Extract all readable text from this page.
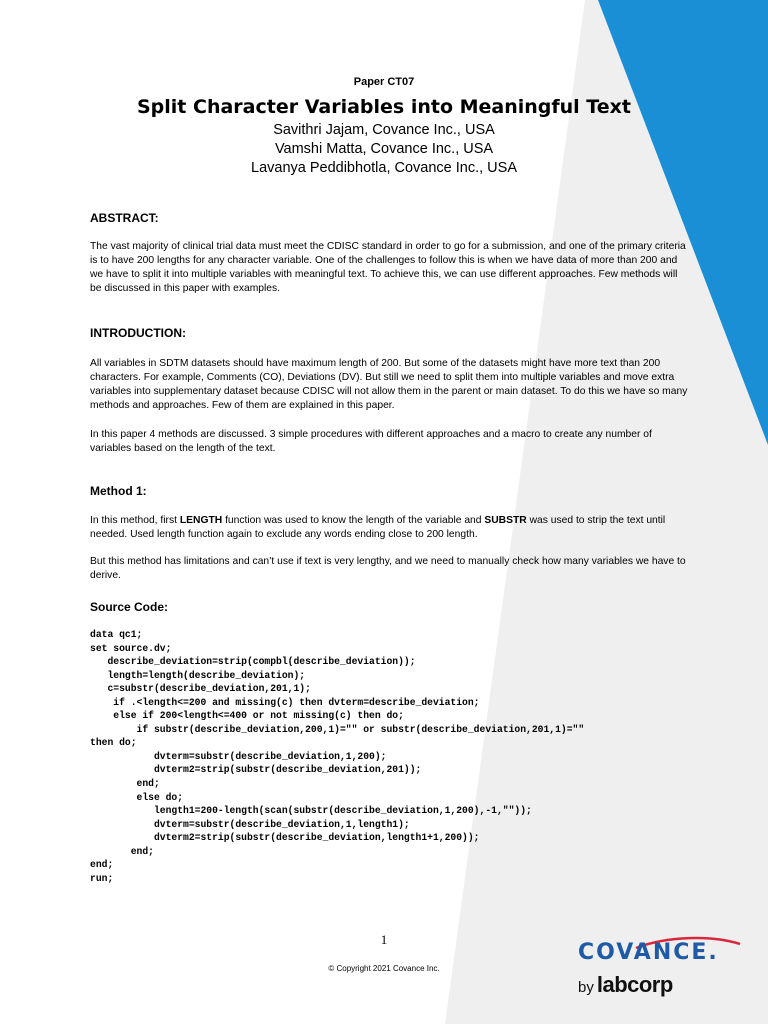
Paper CT07
Split Character Variables into Meaningful Text
Savithri Jajam, Covance Inc., USA
Vamshi Matta, Covance Inc., USA
Lavanya Peddibhotla, Covance Inc., USA
ABSTRACT:

The vast majority of clinical trial data must meet the CDISC standard in order to go for a submission, and one of the primary criteria is to have 200 lengths for any character variable. One of the challenges to follow this is when we have data of more than 200 and we have to split it into multiple variables with meaningful text. To achieve this, we can use different approaches. Few methods will be discussed in this paper with examples.

INTRODUCTION:

All variables in SDTM datasets should have maximum length of 200. But some of the datasets might have more text than 200 characters. For example, Comments (CO), Deviations (DV). But still we need to split them into multiple variables and move extra variables into supplementary dataset because CDISC will not allow them in the parent or main dataset. To do this we have so many methods and approaches. Few of them are explained in this paper.

In this paper 4 methods are discussed. 3 simple procedures with different approaches and a macro to create any number of variables based on the length of the text.

Method 1:

In this method, first LENGTH function was used to know the length of the variable and SUBSTR was used to strip the text until needed. Used length function again to exclude any words ending close to 200 length.

But this method has limitations and can’t use if text is very lengthy, and we need to manually check how many variables we have to derive.

Source Code:
data qc1;
set source.dv;
describe_deviation=strip(compbl(describe_deviation));
length=length(describe_deviation);
c=substr(describe_deviation,201,1);
if .<length<=200 and missing(c) then dvterm=describe_deviation;
else if 200<length<=400 or not missing(c) then do;
if substr(describe_deviation,200,1)="" or substr(describe_deviation,201,1)=""
then do;
dvterm=substr(describe_deviation,1,200);
dvterm2=strip(substr(describe_deviation,201));
end;
else do;
length1=200-length(scan(substr(describe_deviation,1,200),-1,""));
dvterm=substr(describe_deviation,1,length1);
dvterm2=strip(substr(describe_deviation,length1+1,200));
end;
end;
run;
1
© Copyright 2021 Covance Inc.
COVANCE.
by labcorp
